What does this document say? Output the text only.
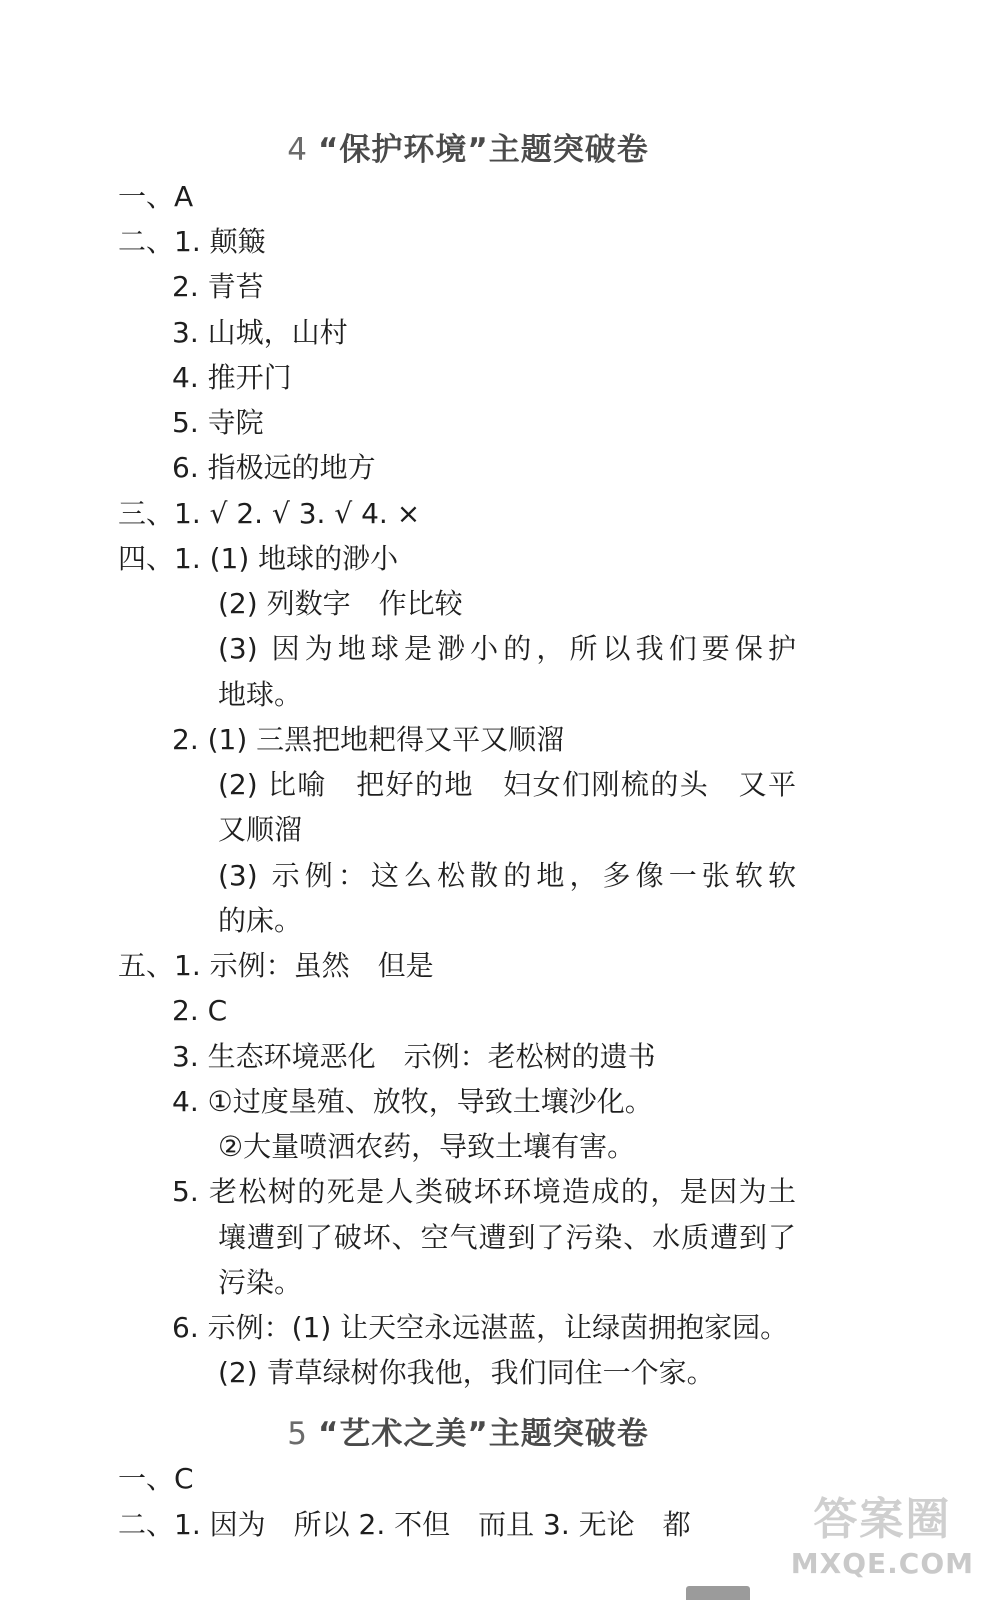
4 “保护环境”主题突破卷
一、A
二、1. 颠簸
2. 青苔
3. 山城，山村
4. 推开门
5. 寺院
6. 指极远的地方
三、1. √ 2. √ 3. √ 4. ×
四、1. (1) 地球的渺小
(2) 列数字　作比较
(3) 因为地球是渺小的，所以我们要保护
地球。
2. (1) 三黑把地耙得又平又顺溜
(2) 比喻　把好的地　妇女们刚梳的头　又平
又顺溜
(3) 示例：这么松散的地，多像一张软软
的床。
五、1. 示例：虽然　但是
2. C
3. 生态环境恶化　示例：老松树的遗书
4. ①过度垦殖、放牧，导致土壤沙化。
②大量喷洒农药，导致土壤有害。
5. 老松树的死是人类破坏环境造成的，是因为土
壤遭到了破坏、空气遭到了污染、水质遭到了
污染。
6. 示例：(1) 让天空永远湛蓝，让绿茵拥抱家园。
(2) 青草绿树你我他，我们同住一个家。
5 “艺术之美”主题突破卷
一、C
二、1. 因为　所以 2. 不但　而且 3. 无论　都	答案圈
MXQE.COM
